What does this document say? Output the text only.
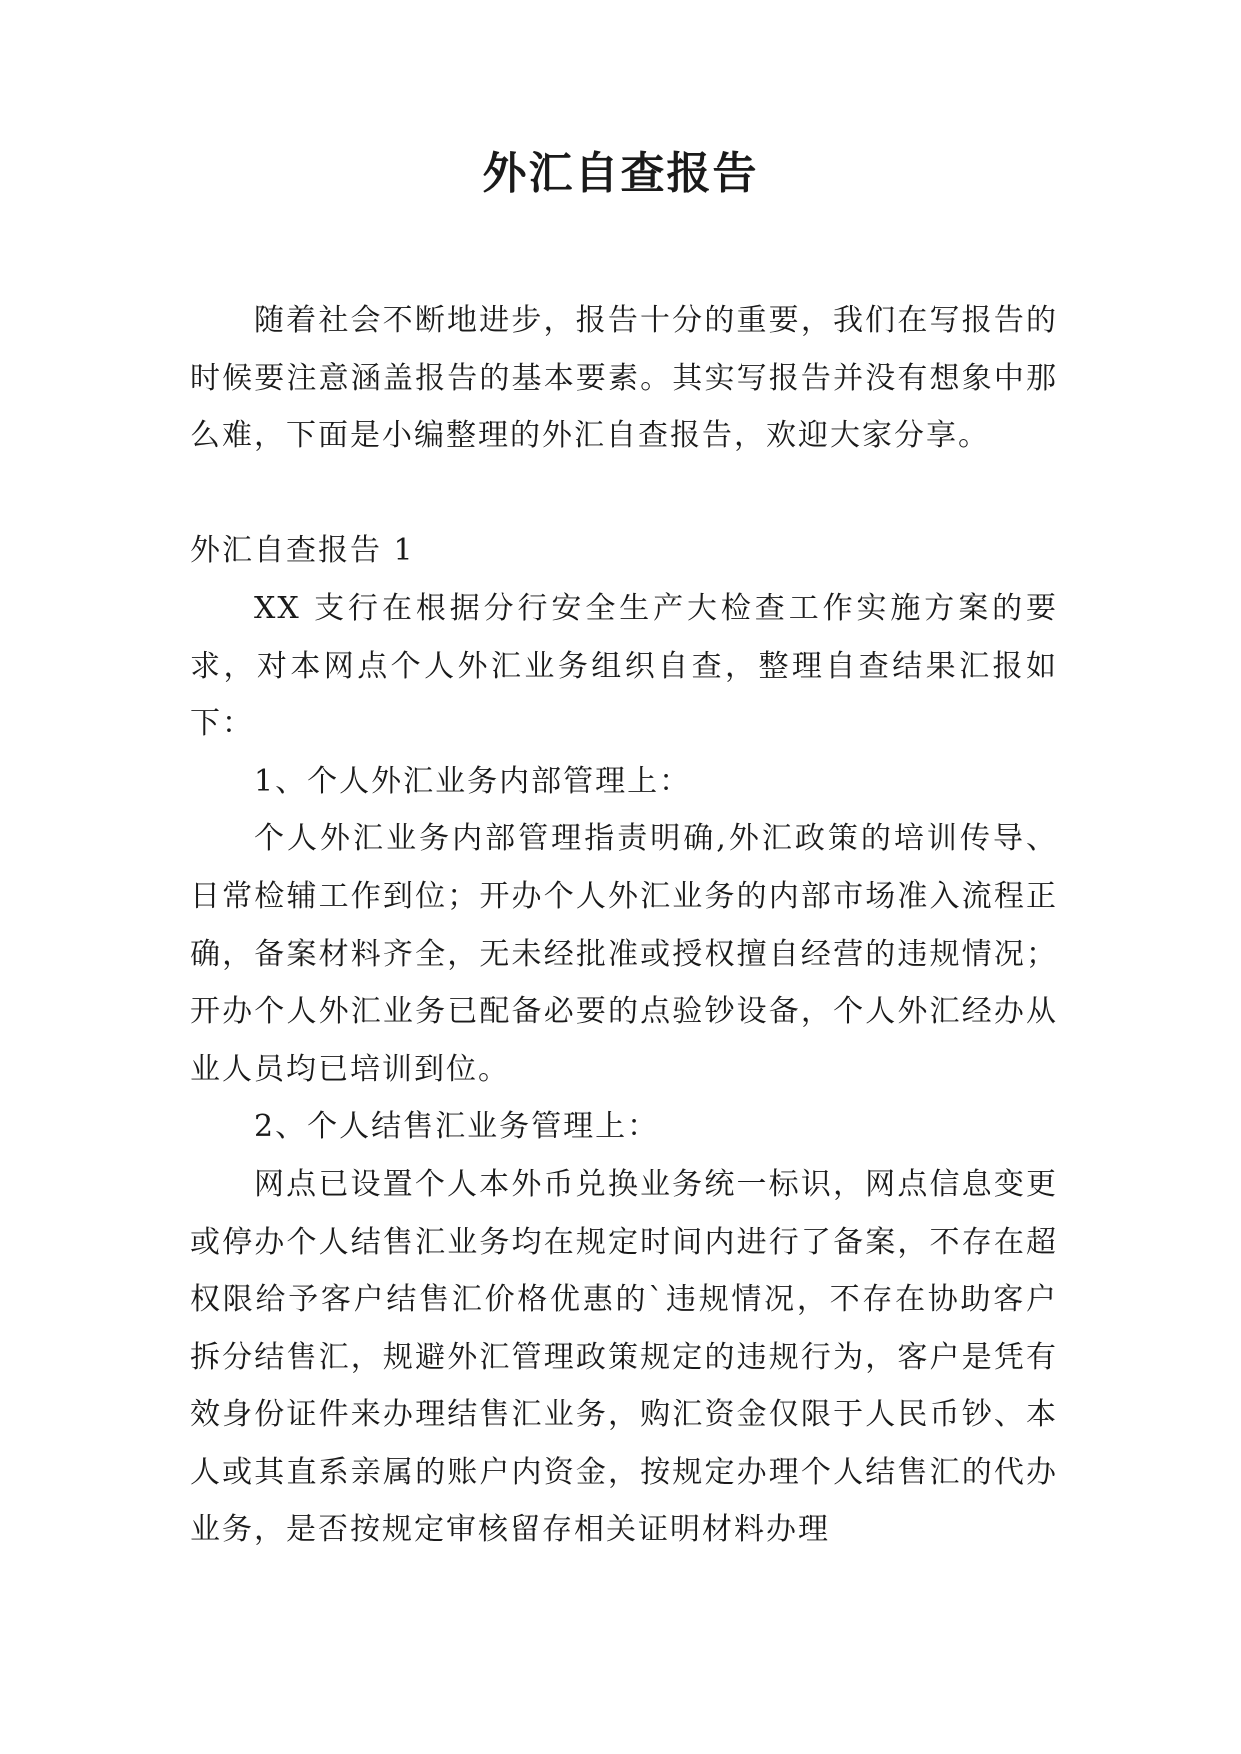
外汇自查报告

随着社会不断地进步，报告十分的重要，我们在写报告的时候要注意涵盖报告的基本要素。其实写报告并没有想象中那么难，下面是小编整理的外汇自查报告，欢迎大家分享。

外汇自查报告 1

XX 支行在根据分行安全生产大检查工作实施方案的要求，对本网点个人外汇业务组织自查，整理自查结果汇报如下：

1、个人外汇业务内部管理上：

个人外汇业务内部管理指责明确,外汇政策的培训传导、日常检辅工作到位；开办个人外汇业务的内部市场准入流程正确，备案材料齐全，无未经批准或授权擅自经营的违规情况；开办个人外汇业务已配备必要的点验钞设备，个人外汇经办从业人员均已培训到位。

2、个人结售汇业务管理上：

网点已设置个人本外币兑换业务统一标识，网点信息变更或停办个人结售汇业务均在规定时间内进行了备案，不存在超权限给予客户结售汇价格优惠的`违规情况，不存在协助客户拆分结售汇，规避外汇管理政策规定的违规行为，客户是凭有效身份证件来办理结售汇业务，购汇资金仅限于人民币钞、本人或其直系亲属的账户内资金，按规定办理个人结售汇的代办业务，是否按规定审核留存相关证明材料办理
